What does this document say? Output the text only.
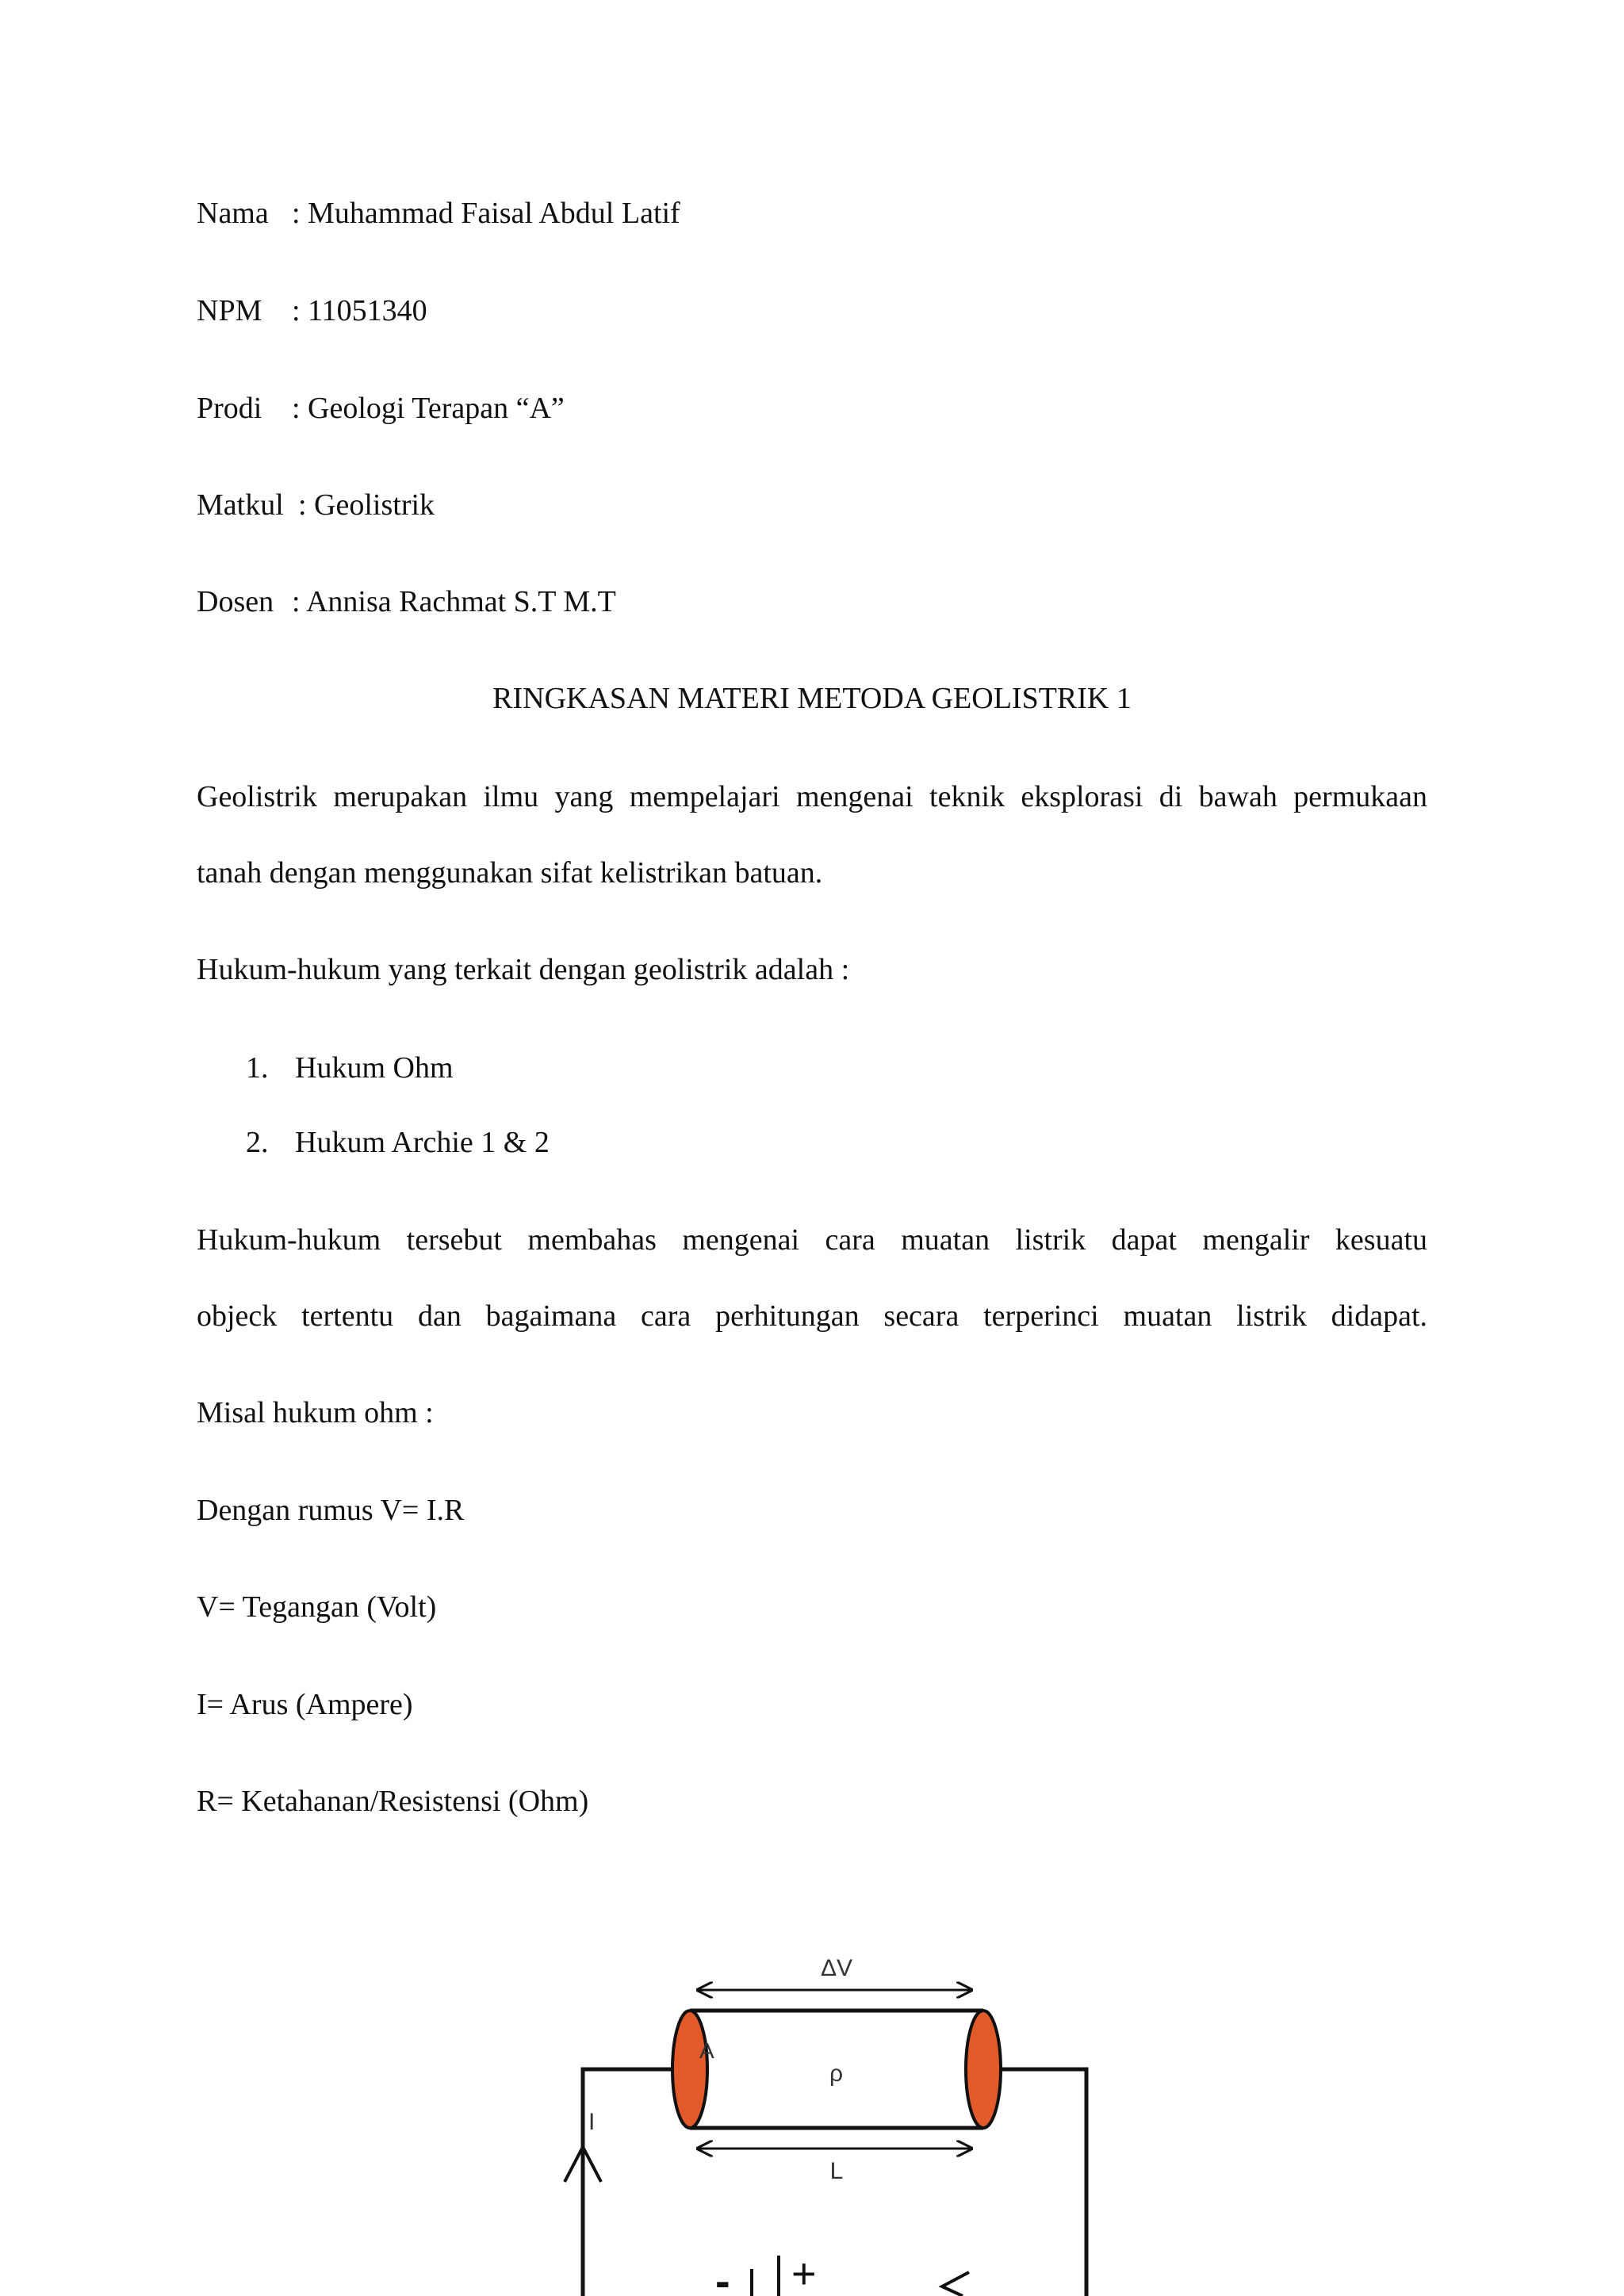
Nama : Muhammad Faisal Abdul Latif

NPM : 11051340

Prodi : Geologi Terapan “A”

Matkul : Geolistrik

Dosen : Annisa Rachmat S.T M.T

RINGKASAN MATERI METODA GEOLISTRIK 1

Geolistrik merupakan ilmu yang mempelajari mengenai teknik eksplorasi di bawah permukaan

tanah dengan menggunakan sifat kelistrikan batuan.

Hukum-hukum yang terkait dengan geolistrik adalah :

1. Hukum Ohm

2. Hukum Archie 1 & 2

Hukum-hukum tersebut membahas mengenai cara muatan listrik dapat mengalir kesuatu

objeck tertentu dan bagaimana cara perhitungan secara terperinci muatan listrik didapat.

Misal hukum ohm :

Dengan rumus V= I.R

V= Tegangan (Volt)

I= Arus (Ampere)

R= Ketahanan/Resistensi (Ohm)

I
ΔV
A
ρ
L
- +
